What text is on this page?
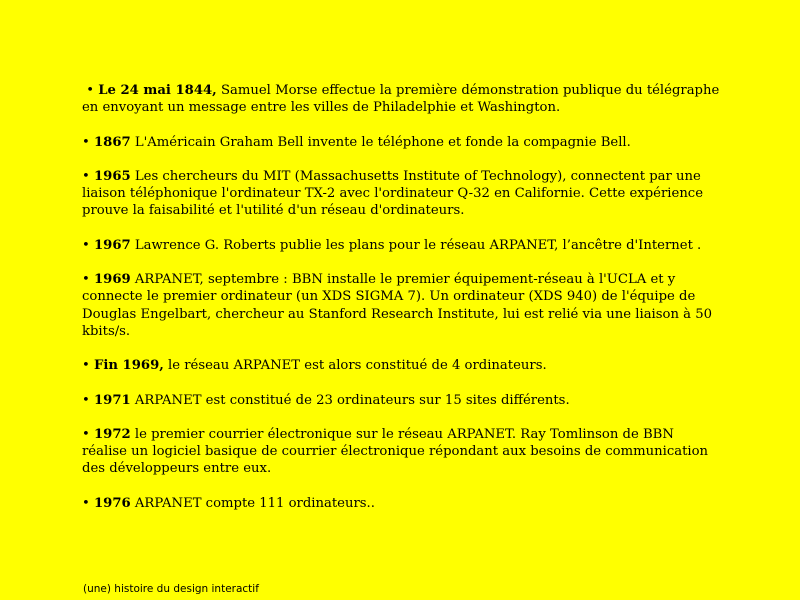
• Le 24 mai 1844, Samuel Morse effectue la première démonstration publique du télégraphe en envoyant un message entre les villes de Philadelphie et Washington.

• 1867 L'Américain Graham Bell invente le téléphone et fonde la compagnie Bell.

• 1965 Les chercheurs du MIT (Massachusetts Institute of Technology), connectent par une liaison téléphonique l'ordinateur TX-2 avec l'ordinateur Q-32 en Californie. Cette expérience prouve la faisabilité et l'utilité d'un réseau d'ordinateurs.

• 1967 Lawrence G. Roberts publie les plans pour le réseau ARPANET, l’ancêtre d'Internet .

• 1969 ARPANET, septembre : BBN installe le premier équipement-réseau à l'UCLA et y connecte le premier ordinateur (un XDS SIGMA 7). Un ordinateur (XDS 940) de l'équipe de Douglas Engelbart, chercheur au Stanford Research Institute, lui est relié via une liaison à 50 kbits/s.

• Fin 1969, le réseau ARPANET est alors constitué de 4 ordinateurs.

• 1971 ARPANET est constitué de 23 ordinateurs sur 15 sites différents.

• 1972 le premier courrier électronique sur le réseau ARPANET. Ray Tomlinson de BBN réalise un logiciel basique de courrier électronique répondant aux besoins de communication des développeurs entre eux.

• 1976 ARPANET compte 111 ordinateurs..

(une) histoire du design interactif
